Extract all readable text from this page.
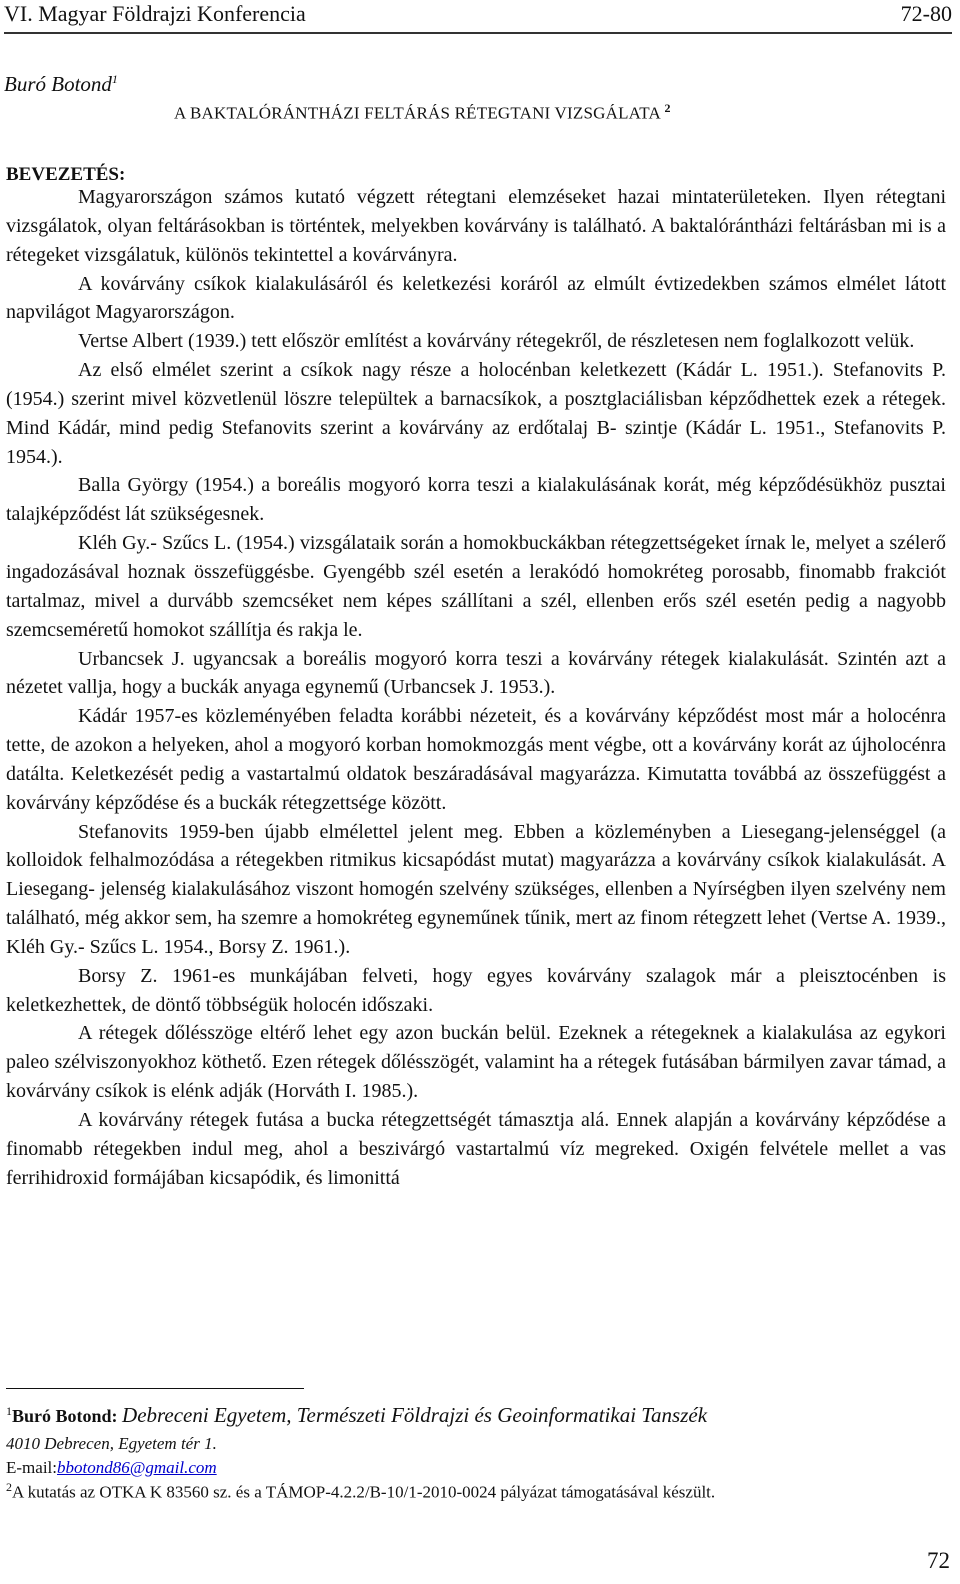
VI. Magyar Földrajzi Konferencia	72-80
Buró Botond$^1$
A BAKTALÓRÁNTHÁZI FELTÁRÁS RÉTEGTANI VIZSGÁLATA $^2$
BEVEZETÉS:

Magyarországon számos kutató végzett rétegtani elemzéseket hazai mintaterületeken. Ilyen rétegtani vizsgálatok, olyan feltárásokban is történtek, melyekben kovárvány is található. A baktalórántházi feltárásban mi is a rétegeket vizsgálatuk, különös tekintettel a kovárványra.

A kovárvány csíkok kialakulásáról és keletkezési koráról az elmúlt évtizedekben számos elmélet látott napvilágot Magyarországon.

Vertse Albert (1939.) tett először említést a kovárvány rétegekről, de részletesen nem foglalkozott velük.

Az első elmélet szerint a csíkok nagy része a holocénban keletkezett (Kádár L. 1951.). Stefanovits P. (1954.) szerint mivel közvetlenül löszre települtek a barnacsíkok, a posztglaciálisban képződhettek ezek a rétegek. Mind Kádár, mind pedig Stefanovits szerint a kovárvány az erdőtalaj B- szintje (Kádár L. 1951., Stefanovits P. 1954.).

Balla György (1954.) a boreális mogyoró korra teszi a kialakulásának korát, még képződésükhöz pusztai talajképződést lát szükségesnek.

Kléh Gy.- Szűcs L. (1954.) vizsgálataik során a homokbuckákban rétegzettségeket írnak le, melyet a szélerő ingadozásával hoznak összefüggésbe. Gyengébb szél esetén a lerakódó homokréteg porosabb, finomabb frakciót tartalmaz, mivel a durvább szemcséket nem képes szállítani a szél, ellenben erős szél esetén pedig a nagyobb szemcseméretű homokot szállítja és rakja le.

Urbancsek J. ugyancsak a boreális mogyoró korra teszi a kovárvány rétegek kialakulását. Szintén azt a nézetet vallja, hogy a buckák anyaga egynemű (Urbancsek J. 1953.).

Kádár 1957-es közleményében feladta korábbi nézeteit, és a kovárvány képződést most már a holocénra tette, de azokon a helyeken, ahol a mogyoró korban homokmozgás ment végbe, ott a kovárvány korát az újholocénra datálta. Keletkezését pedig a vastartalmú oldatok beszáradásával magyarázza. Kimutatta továbbá az összefüggést a kovárvány képződése és a buckák rétegzettsége között.

Stefanovits 1959-ben újabb elmélettel jelent meg. Ebben a közleményben a Liesegang-jelenséggel (a kolloidok felhalmozódása a rétegekben ritmikus kicsapódást mutat) magyarázza a kovárvány csíkok kialakulását. A Liesegang- jelenség kialakulásához viszont homogén szelvény szükséges, ellenben a Nyírségben ilyen szelvény nem található, még akkor sem, ha szemre a homokréteg egyneműnek tűnik, mert az finom rétegzett lehet (Vertse A. 1939., Kléh Gy.- Szűcs L. 1954., Borsy Z. 1961.).

Borsy Z. 1961-es munkájában felveti, hogy egyes kovárvány szalagok már a pleisztocénben is keletkezhettek, de döntő többségük holocén időszaki.

A rétegek dőlésszöge eltérő lehet egy azon buckán belül. Ezeknek a rétegeknek a kialakulása az egykori paleo szélviszonyokhoz köthető. Ezen rétegek dőlésszögét, valamint ha a rétegek futásában bármilyen zavar támad, a kovárvány csíkok is elénk adják (Horváth I. 1985.).

A kovárvány rétegek futása a bucka rétegzettségét támasztja alá. Ennek alapján a kovárvány képződése a finomabb rétegekben indul meg, ahol a beszivárgó vastartalmú víz megreked. Oxigén felvétele mellet a vas ferrihidroxid formájában kicsapódik, és limonittá

$^1$Buró Botond: Debreceni Egyetem, Természeti Földrajzi és Geoinformatikai Tanszék
4010 Debrecen, Egyetem tér 1.
E-mail:bbotond86@gmail.com
$^2$A kutatás az OTKA K 83560 sz. és a TÁMOP-4.2.2/B-10/1-2010-0024 pályázat támogatásával készült.
72
